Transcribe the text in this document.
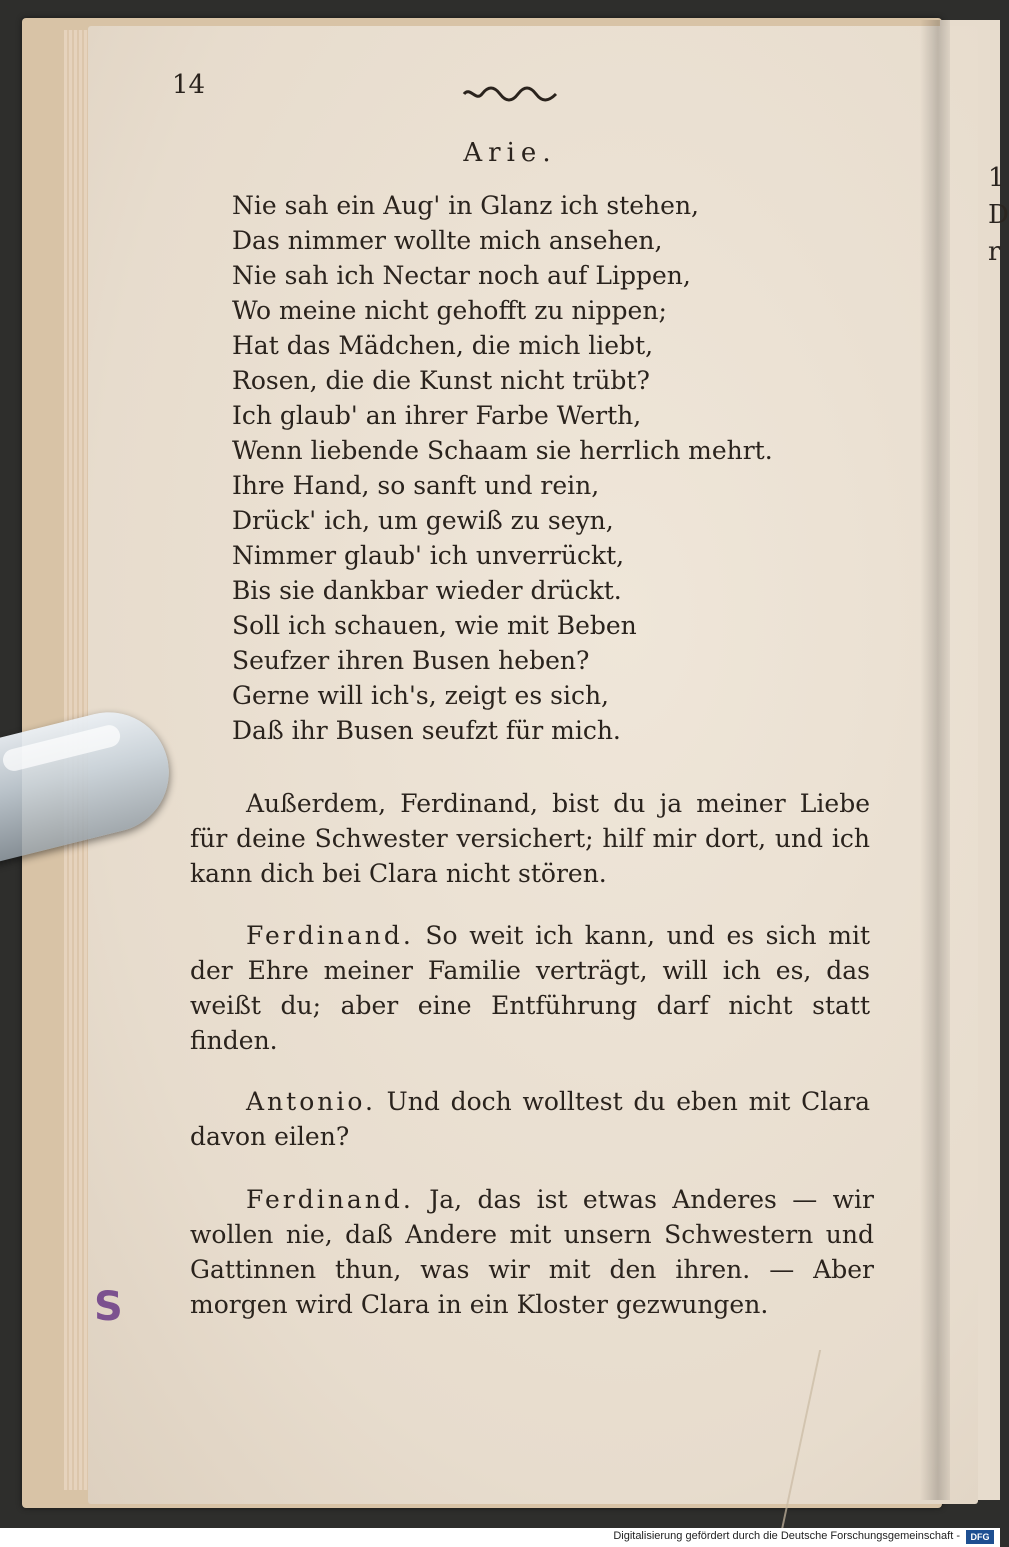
1
D
r
14
Arie.
Nie sah ein Aug' in Glanz ich stehen,
Das nimmer wollte mich ansehen,
Nie sah ich Nectar noch auf Lippen,
Wo meine nicht gehofft zu nippen;
Hat das Mädchen, die mich liebt,
Rosen, die die Kunst nicht trübt?
Ich glaub' an ihrer Farbe Werth,
Wenn liebende Schaam sie herrlich mehrt.
Ihre Hand, so sanft und rein,
Drück' ich, um gewiß zu seyn,
Nimmer glaub' ich unverrückt,
Bis sie dankbar wieder drückt.
Soll ich schauen, wie mit Beben
Seufzer ihren Busen heben?
Gerne will ich's, zeigt es sich,
Daß ihr Busen seufzt für mich.
Außerdem, Ferdinand, bist du ja meiner Liebe für deine Schwester versichert; hilf mir dort, und ich kann dich bei Clara nicht stören.
Ferdinand. So weit ich kann, und es sich mit der Ehre meiner Familie verträgt, will ich es, das weißt du; aber eine Entführung darf nicht statt finden.
Antonio. Und doch wolltest du eben mit Clara davon eilen?
Ferdinand. Ja, das ist etwas Anderes — wir wollen nie, daß Andere mit unsern Schwestern und Gattinnen thun, was wir mit den ihren. — Aber morgen wird Clara in ein Kloster gezwungen.
S
Digitalisierung gefördert durch die Deutsche Forschungsgemeinschaft -	DFG
